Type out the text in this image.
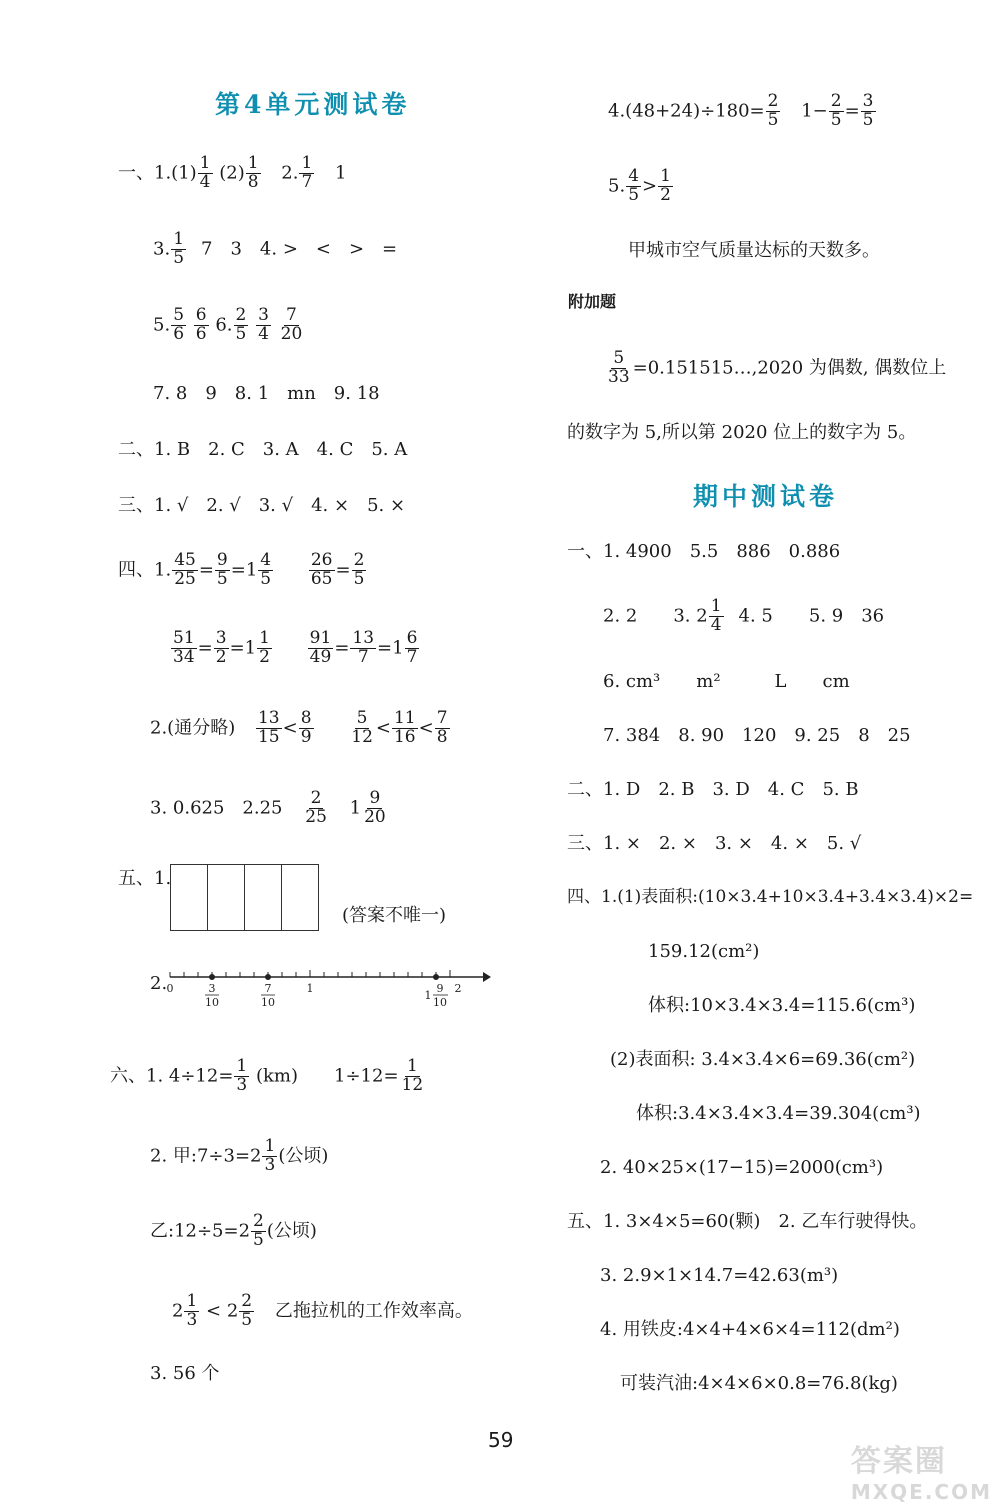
第4单元测试卷
一、$1.(1) \frac{1}{4} (2) \frac{1}{8} 2$. $\frac{1}{7} 1$
3. $\frac{1}{5} 7$　3　4. >　<　>　=
5. $\frac{5}{6}$
$\frac{6}{6} 6$. $\frac{2}{5}$
$\frac{3}{4}$
$\frac{7}{20}$
7. 8　9　8. 1　mn　9. 18
二、1. B　2. C　3. A　4. C　5. A
三、1. √　2. √　3. √　4. ×　5. ×
四、1. $\frac{45}{25} = \frac{9}{5} =1 \frac{4}{5}$
$\frac{26}{65} = \frac{2}{5}$
$\frac{51}{34} = \frac{3}{2} =1 \frac{1}{2}$
$\frac{91}{49} = \frac{13}{7} =1 \frac{6}{7}$
2.(通分略) $\frac{13}{15} < \frac{8}{9}$
$\frac{5}{12} < \frac{11}{16} < \frac{7}{8}$
3. 0.625　$2.25 \frac{2}{25} 1 \frac{9}{20}$
五、1.
(答案不唯一)
2. 0	1	2
3
10
7
10
1
9
10
六、1. $4\div 12= \frac{1}{3} (km)$　　$1\div 12= \frac{1}{12}$
2. 甲:7÷3=2 $\frac{1}{3}$ (公顷)
乙:12÷5=2 $\frac{2}{5}$ (公顷)
$2 \frac{1}{3} < 2 \frac{2}{5}$ 乙拖拉机的工作效率高。
3. 56 个
$4.(48+24)\div 180= \frac{2}{5} 1- \frac{2}{5} = \frac{3}{5}$
5. $\frac{4}{5} > \frac{1}{2}$
甲城市空气质量达标的天数多。
附加题
$\frac{5}{33}$ =0.151515…,2020 为偶数, 偶数位上
的数字为 5,所以第 2020 位上的数字为 5。
期中测试卷
一、1. 4900　5.5　886　0.886
2. 2　　3. $2 \frac{1}{4} 4$. 5　　5. 9　36
6. cm³　　m²　　　L　　cm
7. 384　8. 90　120　9. 25　8　25
二、1. D　2. B　3. D　4. C　5. B
三、1. ×　2. ×　3. ×　4. ×　5. √
四、1.(1)表面积:(10×3.4+10×3.4+3.4×3.4)×2=
159.12(cm²)
体积:10×3.4×3.4=115.6(cm³)
(2)表面积: 3.4×3.4×6=69.36(cm²)
体积:3.4×3.4×3.4=39.304(cm³)
2. 40×25×(17−15)=2000(cm³)
五、1. 3×4×5=60(颗)　2. 乙车行驶得快。
3. 2.9×1×14.7=42.63(m³)
4. 用铁皮:4×4+4×6×4=112(dm²)
可装汽油:4×4×6×0.8=76.8(kg)
59
答案圈
MXQE.COM
